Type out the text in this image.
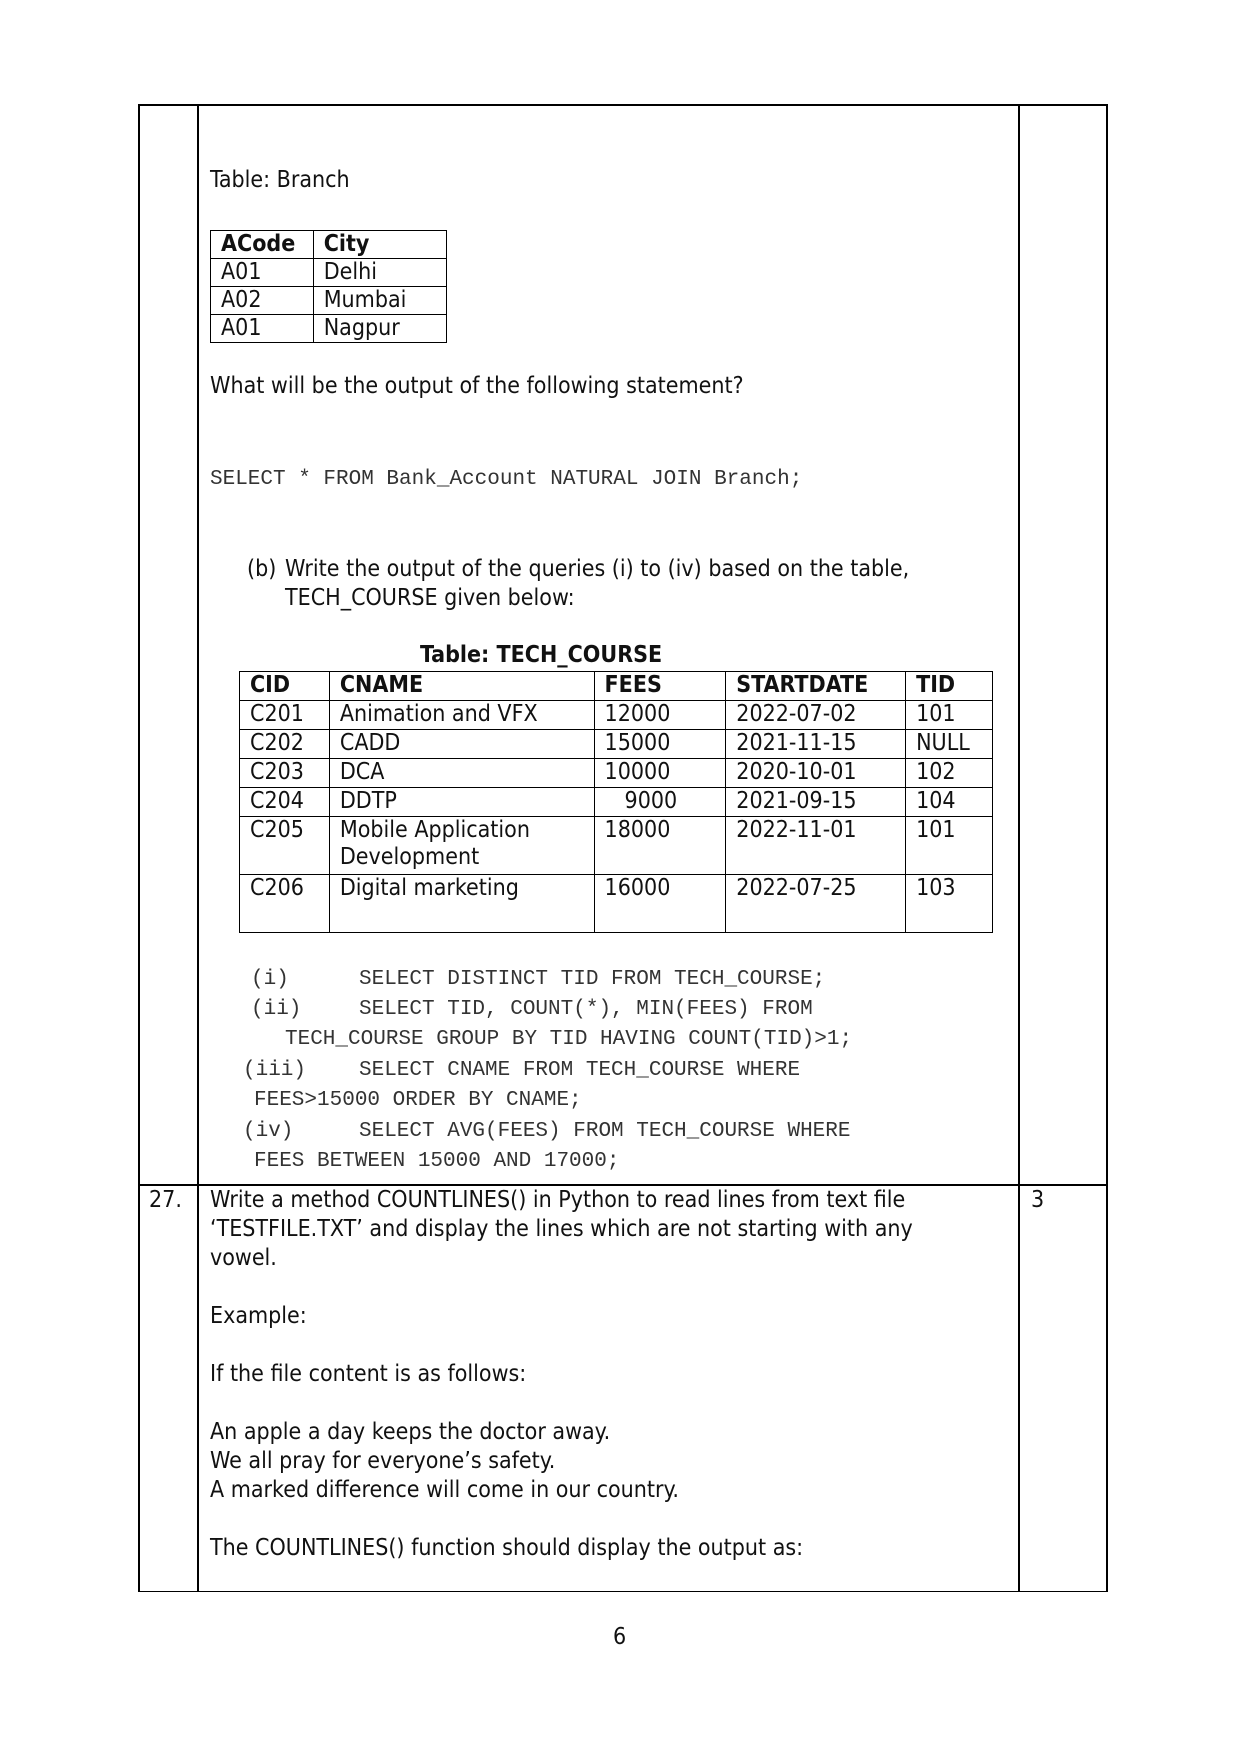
Table: Branch
ACode	City
A01	Delhi
A02	Mumbai
A01	Nagpur
What will be the output of the following statement?
SELECT * FROM Bank_Account NATURAL JOIN Branch;
(b) Write the output of the queries (i) to (iv) based on the table,
TECH_COURSE given below:
Table: TECH_COURSE
CID	CNAME	FEES	STARTDATE	TID
C201	Animation and VFX	12000	2022-07-02	101
C202	CADD	15000	2021-11-15	NULL
C203	DCA	10000	2020-10-01	102
C204	DDTP	9000	2021-09-15	104
C205	Mobile Application Development	18000	2022-11-01	101
C206	Digital marketing	16000	2022-07-25	103
(i)	SELECT DISTINCT TID FROM TECH_COURSE;
(ii)	SELECT TID, COUNT(*), MIN(FEES) FROM
TECH_COURSE GROUP BY TID HAVING COUNT(TID)>1;
(iii)	SELECT CNAME FROM TECH_COURSE WHERE
FEES>15000 ORDER BY CNAME;
(iv)	SELECT AVG(FEES) FROM TECH_COURSE WHERE
FEES BETWEEN 15000 AND 17000;
27. Write a method COUNTLINES() in Python to read lines from text file
‘TESTFILE.TXT’ and display the lines which are not starting with any
vowel.
3
Example:
If the file content is as follows:
An apple a day keeps the doctor away.
We all pray for everyone’s safety.
A marked difference will come in our country.
The COUNTLINES() function should display the output as:
6
